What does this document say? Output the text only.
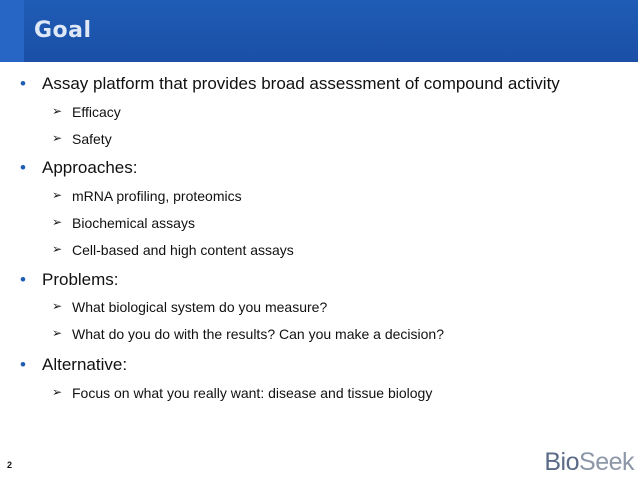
Goal
• Assay platform that provides broad assessment of compound activity
➢ Efficacy
➢ Safety
• Approaches:
➢ mRNA profiling, proteomics
➢ Biochemical assays
➢ Cell-based and high content assays
• Problems:
➢ What biological system do you measure?
➢ What do you do with the results? Can you make a decision?
• Alternative:
➢ Focus on what you really want: disease and tissue biology
2	BioSeek
